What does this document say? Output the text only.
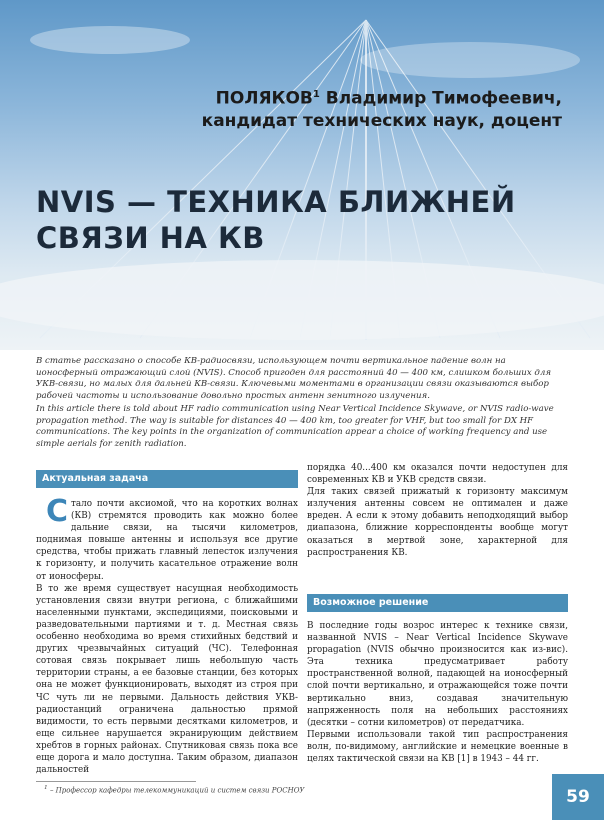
ПОЛЯКОВ$^1$ Владимир Тимофеевич,
кандидат технических наук, доцент
NVIS — ТЕХНИКА БЛИЖНЕЙ
СВЯЗИ НА КВ

В статье рассказано о способе КВ-радиосвязи, использующем почти вертикальное падение волн на ионосферный отражающий слой (NVIS). Способ пригоден для расстояний 40 — 400 км, слишком больших для УКВ-связи, но малых для дальней КВ-связи. Ключевыми моментами в организации связи оказываются выбор рабочей частоты и использование довольно простых антенн зенитного излучения.

In this article there is told about HF radio communication using Near Vertical Incidence Skywave, or NVIS radio-wave propagation method. The way is suitable for distances 40 — 400 km, too greater for VHF, but too small for DX HF communications. The key points in the organization of communication appear a choice of working frequency and use simple aerials for zenith radiation.

Актуальная задача

Стало почти аксиомой, что на коротких волнах (КВ) стремятся проводить как можно более дальние связи, на тысячи километров, поднимая повыше антенны и используя все другие средства, чтобы прижать главный лепесток излучения к горизонту, и получить касательное отражение волн от ионосферы.

В то же время существует насущная необходимость установления связи внутри региона, с ближайшими населенными пунктами, экспедициями, поисковыми и разведовательными партиями и т. д. Местная связь особенно необходима во время стихийных бедствий и других чрезвычайных ситуаций (ЧС). Телефонная сотовая связь покрывает лишь небольшую часть территории страны, а ее базовые станции, без которых она не может функционировать, выходят из строя при ЧС чуть ли не первыми. Дальность действия УКВ-радиостанций ограничена дальностью прямой видимости, то есть первыми десятками километров, и еще сильнее нарушается экранирующим действием хребтов в горных районах. Спутниковая связь пока все еще дорога и мало доступна. Таким образом, диапазон дальностей

порядка 40...400 км оказался почти недоступен для современных КВ и УКВ средств связи.

Для таких связей прижатый к горизонту максимум излучения антенны совсем не оптимален и даже вреден. А если к этому добавить неподходящий выбор диапазона, ближние корреспонденты вообще могут оказаться в мертвой зоне, характерной для распространения КВ.

Возможное решение

В последние годы возрос интерес к технике связи, названной NVIS – Near Vertical Incidence Skywave propagation (NVIS обычно произносится как из-вис). Эта техника предусматривает работу пространственной волной, падающей на ионосферный слой почти вертикально, и отражающейся тоже почти вертикально вниз, создавая значительную напряженность поля на небольших расстояниях (десятки – сотни километров) от передатчика.

Первыми использовали такой тип распространения волн, по-видимому, английские и немецкие военные в целях тактической связи на КВ [1] в 1943 – 44 гг.

$^1$ – Профессор кафедры телекоммуникаций и систем связи РОСНОУ	59
